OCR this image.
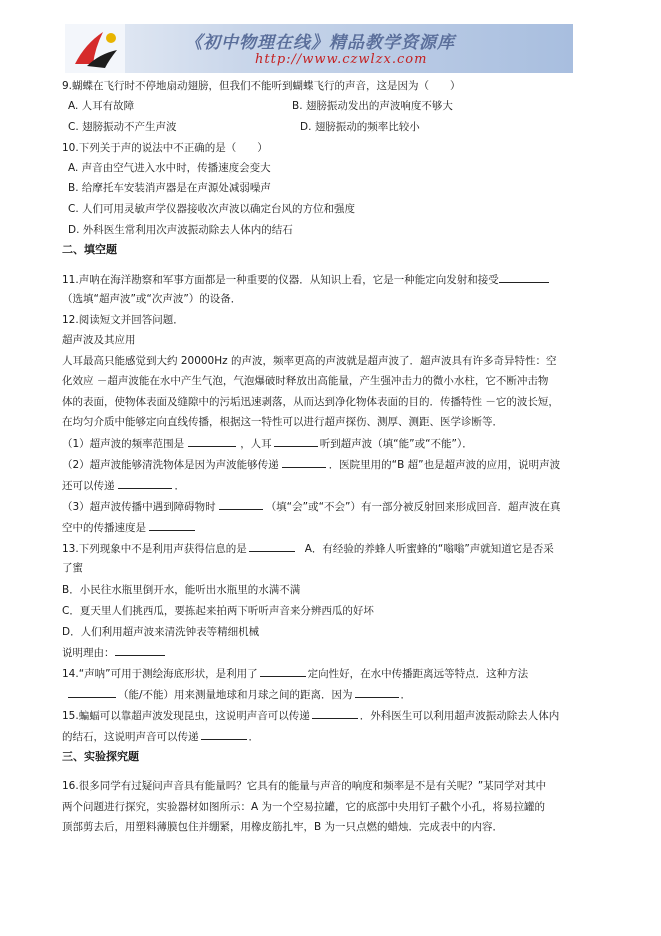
《初中物理在线》精品教学资源库
http://www.czwlzx.com
9.蝴蝶在飞行时不停地扇动翅膀，但我们不能听到蝴蝶飞行的声音，这是因为（　　）
A. 人耳有故障	B. 翅膀振动发出的声波响度不够大
C. 翅膀振动不产生声波	D. 翅膀振动的频率比较小
10.下列关于声的说法中不正确的是（　　）
A. 声音由空气进入水中时，传播速度会变大
B. 给摩托车安装消声器是在声源处减弱噪声
C. 人们可用灵敏声学仪器接收次声波以确定台风的方位和强度
D. 外科医生常利用次声波振动除去人体内的结石
二、填空题
11.声呐在海洋勘察和军事方面都是一种重要的仪器．从知识上看，它是一种能定向发射和接受
（选填“超声波”或“次声波”）的设备．
12.阅读短文并回答问题．
超声波及其应用
人耳最高只能感觉到大约 20000Hz 的声波，频率更高的声波就是超声波了．超声波具有许多奇异特性：空
化效应 －超声波能在水中产生气泡，气泡爆破时释放出高能量，产生强冲击力的微小水柱，它不断冲击物
体的表面，使物体表面及缝隙中的污垢迅速剥落，从而达到净化物体表面的目的．传播特性 －它的波长短，
在均匀介质中能够定向直线传播，根据这一特性可以进行超声探伤、测厚、测距、医学诊断等．
（1）超声波的频率范围是	，人耳	听到超声波（填“能”或“不能”）．
（2）超声波能够清洗物体是因为声波能够传递	．医院里用的“B 超”也是超声波的应用，说明声波
还可以传递	．
（3）超声波传播中遇到障碍物时	（填“会”或“不会”）有一部分被反射回来形成回音．超声波在真
空中的传播速度是
13.下列现象中不是利用声获得信息的是	A．有经验的养蜂人听蜜蜂的“嗡嗡”声就知道它是否采
了蜜
B．小民往水瓶里倒开水，能听出水瓶里的水满不满
C．夏天里人们挑西瓜，要拣起来拍两下听听声音来分辨西瓜的好坏
D．人们利用超声波来清洗钟表等精细机械
说明理由：
14.“声呐”可用于测绘海底形状，是利用了	定向性好，在水中传播距离远等特点．这种方法
（能/不能）用来测量地球和月球之间的距离．因为	．
15.蝙蝠可以靠超声波发现昆虫，这说明声音可以传递	．外科医生可以利用超声波振动除去人体内
的结石，这说明声音可以传递	．
三、实验探究题
16.很多同学有过疑问声音具有能量吗？它具有的能量与声音的响度和频率是不是有关呢？”某同学对其中
两个问题进行探究，实验器材如图所示：A 为一个空易拉罐，它的底部中央用钉子戳个小孔，将易拉罐的
顶部剪去后，用塑料薄膜包住并绷紧，用橡皮筋扎牢，B 为一只点燃的蜡烛．完成表中的内容．
